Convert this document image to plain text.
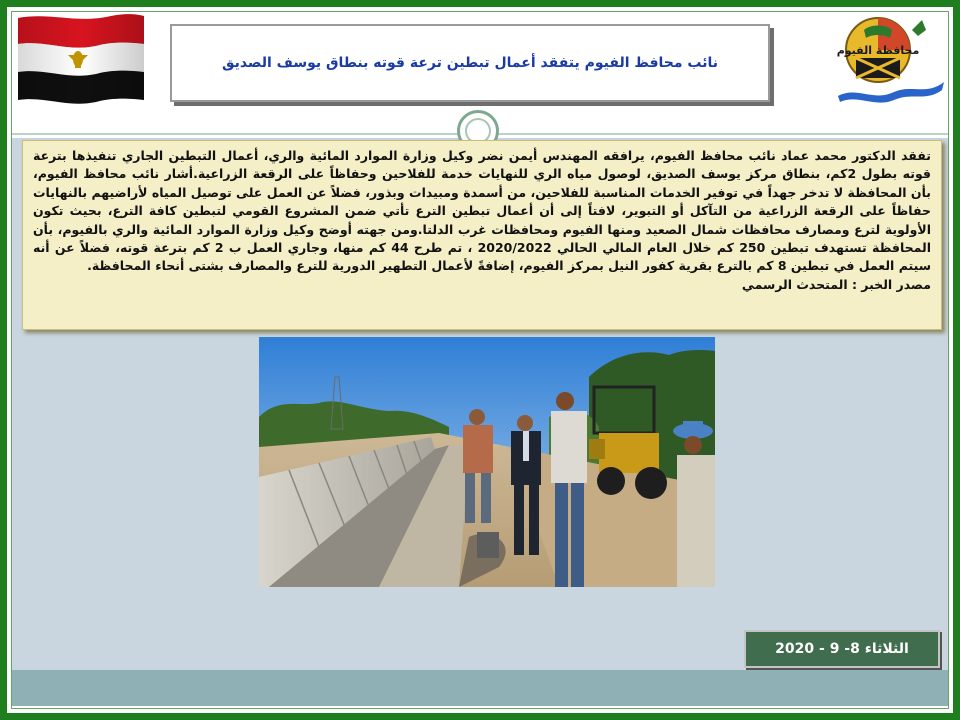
نائب محافظ الفيوم يتفقد أعمال تبطين ترعة قوته بنطاق يوسف الصديق
محافظة الفيوم
تفقد الدكتور محمد عماد نائب محافظ الفيوم، يرافقه المهندس أيمن نضر وكيل وزارة الموارد المائية والري، أعمال التبطين الجاري تنفيذها بترعة قوته بطول 2كم، بنطاق مركز يوسف الصديق، لوصول مياه الري للنهايات خدمة للفلاحين وحفاظاً على الرقعة الزراعية.أشار نائب محافظ الفيوم، بأن المحافظة لا تدخر جهداً في توفير الخدمات المناسبة للفلاحين، من أسمدة ومبيدات وبذور، فضلاً عن العمل على توصيل المياه لأراضيهم بالنهايات حفاظاً على الرقعة الزراعية من التآكل أو التبوير، لافتاً إلى أن أعمال تبطين الترع تأتي ضمن المشروع القومي لتبطين كافة الترع، بحيث تكون الأولوية لترع ومصارف محافظات شمال الصعيد ومنها الفيوم ومحافظات غرب الدلتا.ومن جهته أوضح وكيل وزارة الموارد المائية والري بالفيوم، بأن المحافظة تستهدف تبطين 250 كم خلال العام المالي الحالي 2020/2022 ، تم طرح 44 كم منها، وجاري العمل ب 2 كم بترعة قوته، فضلاً عن أنه سيتم العمل في تبطين 8 كم بالترع بقرية كفور النيل بمركز الفيوم، إضافةً لأعمال التطهير الدورية للترع والمصارف بشتى أنحاء المحافظة.
مصدر الخبر : المتحدث الرسمي
الثلاثاء 8- 9 - 2020
